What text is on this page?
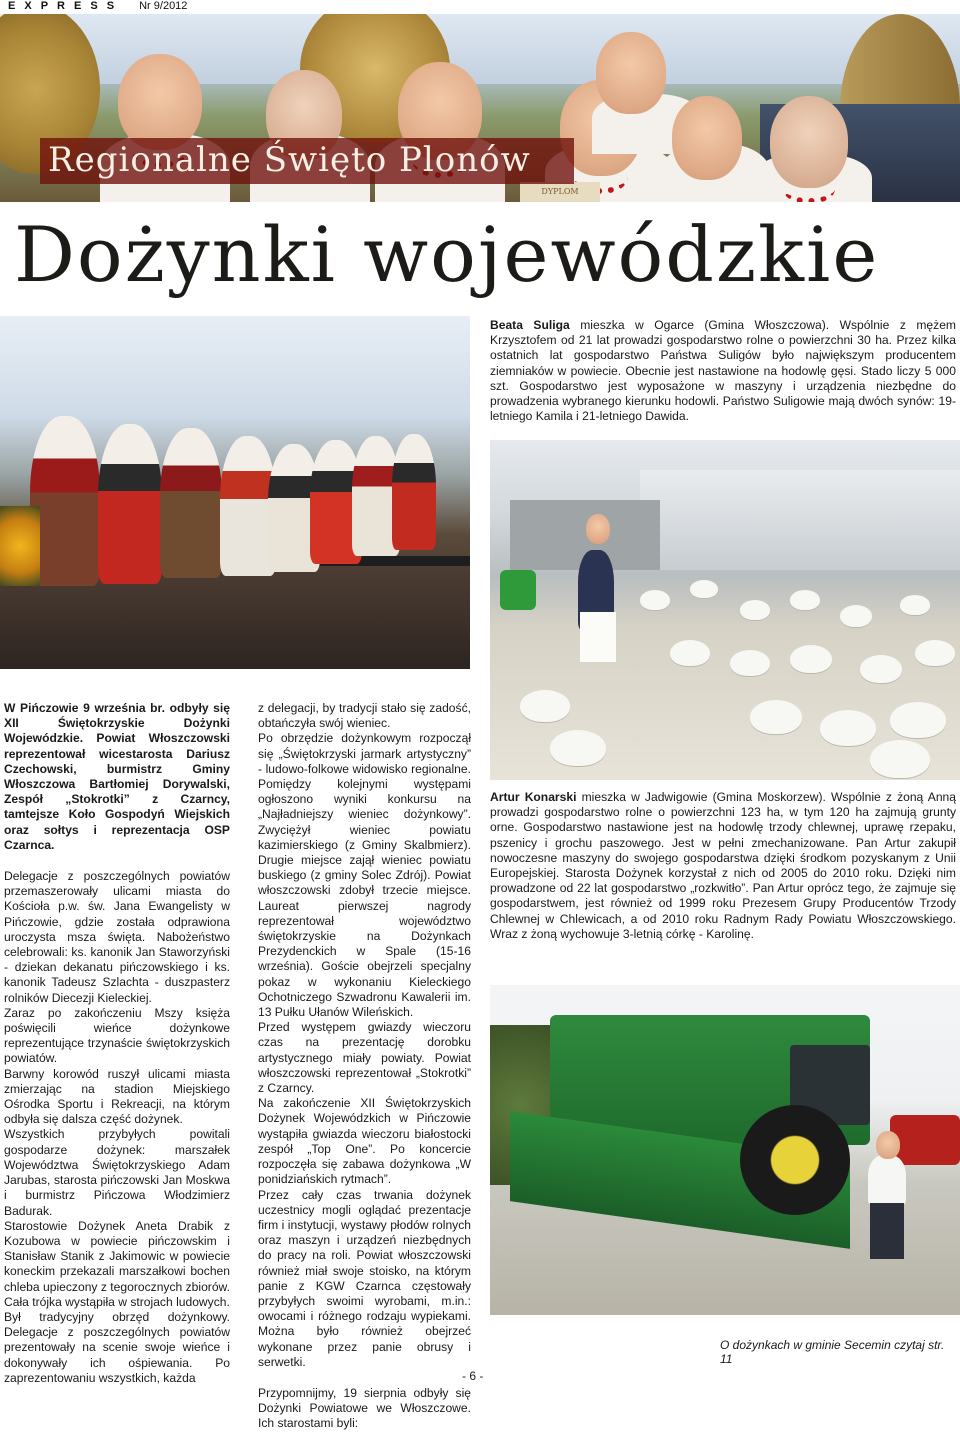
E X P R E S S Nr 9/2012
DYPLOM
Regionalne Święto Plonów
Dożynki wojewódzkie
Beata Suliga mieszka w Ogarce (Gmina Włoszczowa). Wspólnie z mężem Krzysztofem od 21 lat prowadzi gospodarstwo rolne o powierzchni 30 ha. Przez kilka ostatnich lat gospodarstwo Państwa Suligów było największym producentem ziemniaków w powiecie. Obecnie jest nastawione na hodowlę gęsi. Stado liczy 5 000 szt. Gospodarstwo jest wyposażone w maszyny i urządzenia niezbędne do prowadzenia wybranego kierunku hodowli. Państwo Suligowie mają dwóch synów: 19-letniego Kamila i 21-letniego Dawida.
Artur Konarski mieszka w Jadwigowie (Gmina Moskorzew). Wspólnie z żoną Anną prowadzi gospodarstwo rolne o powierzchni 123 ha, w tym 120 ha zajmują grunty orne. Gospodarstwo nastawione jest na hodowlę trzody chlewnej, uprawę rzepaku, pszenicy i grochu paszowego. Jest w pełni zmechanizowane. Pan Artur zakupił nowoczesne maszyny do swojego gospodarstwa dzięki środkom pozyskanym z Unii Europejskiej. Starosta Dożynek korzystał z nich od 2005 do 2010 roku. Dzięki nim prowadzone od 22 lat gospodarstwo „rozkwitło”. Pan Artur oprócz tego, że zajmuje się gospodarstwem, jest również od 1999 roku Prezesem Grupy Producentów Trzody Chlewnej w Chlewicach, a od 2010 roku Radnym Rady Powiatu Włoszczowskiego. Wraz z żoną wychowuje 3-letnią córkę - Karolinę.

W Pińczowie 9 września br. odbyły się XII Świętokrzyskie Dożynki Wojewódzkie. Powiat Włoszczowski reprezentował wicestarosta Dariusz Czechowski, burmistrz Gminy Włoszczowa Bartłomiej Dorywalski, Zespół „Stokrotki” z Czarncy, tamtejsze Koło Gospodyń Wiejskich oraz sołtys i reprezentacja OSP Czarnca.

Delegacje z poszczególnych powiatów przemaszerowały ulicami miasta do Kościoła p.w. św. Jana Ewangelisty w Pińczowie, gdzie została odprawiona uroczysta msza święta. Nabożeństwo celebrowali: ks. kanonik Jan Staworzyński - dziekan dekanatu pińczowskiego i ks. kanonik Tadeusz Szlachta - duszpasterz rolników Diecezji Kieleckiej.

Zaraz po zakończeniu Mszy księża poświęcili wieńce dożynkowe reprezentujące trzynaście świętokrzyskich powiatów.

Barwny korowód ruszył ulicami miasta zmierzając na stadion Miejskiego Ośrodka Sportu i Rekreacji, na którym odbyła się dalsza część dożynek.

Wszystkich przybyłych powitali gospodarze dożynek: marszałek Województwa Świętokrzyskiego Adam Jarubas, starosta pińczowski Jan Moskwa i burmistrz Pińczowa Włodzimierz Badurak.

Starostowie Dożynek Aneta Drabik z Kozubowa w powiecie pińczowskim i Stanisław Stanik z Jakimowic w powiecie koneckim przekazali marszałkowi bochen chleba upieczony z tegorocznych zbiorów. Cała trójka wystąpiła w strojach ludowych.

Był tradycyjny obrzęd dożynkowy. Delegacje z poszczególnych powiatów prezentowały na scenie swoje wieńce i dokonywały ich ośpiewania. Po zaprezentowaniu wszystkich, każda

z delegacji, by tradycji stało się zadość, obtańczyła swój wieniec.

Po obrzędzie dożynkowym rozpoczął się „Świętokrzyski jarmark artystyczny” - ludowo-folkowe widowisko regionalne. Pomiędzy kolejnymi występami ogłoszono wyniki konkursu na „Najładniejszy wieniec dożynkowy”. Zwyciężył wieniec powiatu kazimierskiego (z Gminy Skalbmierz). Drugie miejsce zajął wieniec powiatu buskiego (z gminy Solec Zdrój). Powiat włoszczowski zdobył trzecie miejsce. Laureat pierwszej nagrody reprezentował województwo świętokrzyskie na Dożynkach Prezydenckich w Spale (15-16 września). Goście obejrzeli specjalny pokaz w wykonaniu Kieleckiego Ochotniczego Szwadronu Kawalerii im. 13 Pułku Ułanów Wileńskich.

Przed występem gwiazdy wieczoru czas na prezentację dorobku artystycznego miały powiaty. Powiat włoszczowski reprezentował „Stokrotki” z Czarncy.

Na zakończenie XII Świętokrzyskich Dożynek Wojewódzkich w Pińczowie wystąpiła gwiazda wieczoru białostocki zespół „Top One”. Po koncercie rozpoczęła się zabawa dożynkowa „W ponidziańskich rytmach”.

Przez cały czas trwania dożynek uczestnicy mogli oglądać prezentacje firm i instytucji, wystawy płodów rolnych oraz maszyn i urządzeń niezbędnych do pracy na roli. Powiat włoszczowski również miał swoje stoisko, na którym panie z KGW Czarnca częstowały przybyłych swoimi wyrobami, m.in.: owocami i różnego rodzaju wypiekami. Można było również obejrzeć wykonane przez panie obrusy i serwetki.

Przypomnijmy, 19 sierpnia odbyły się Dożynki Powiatowe we Włoszczowe. Ich starostami byli:

O dożynkach w gminie Secemin czytaj str. 11
- 6 -
